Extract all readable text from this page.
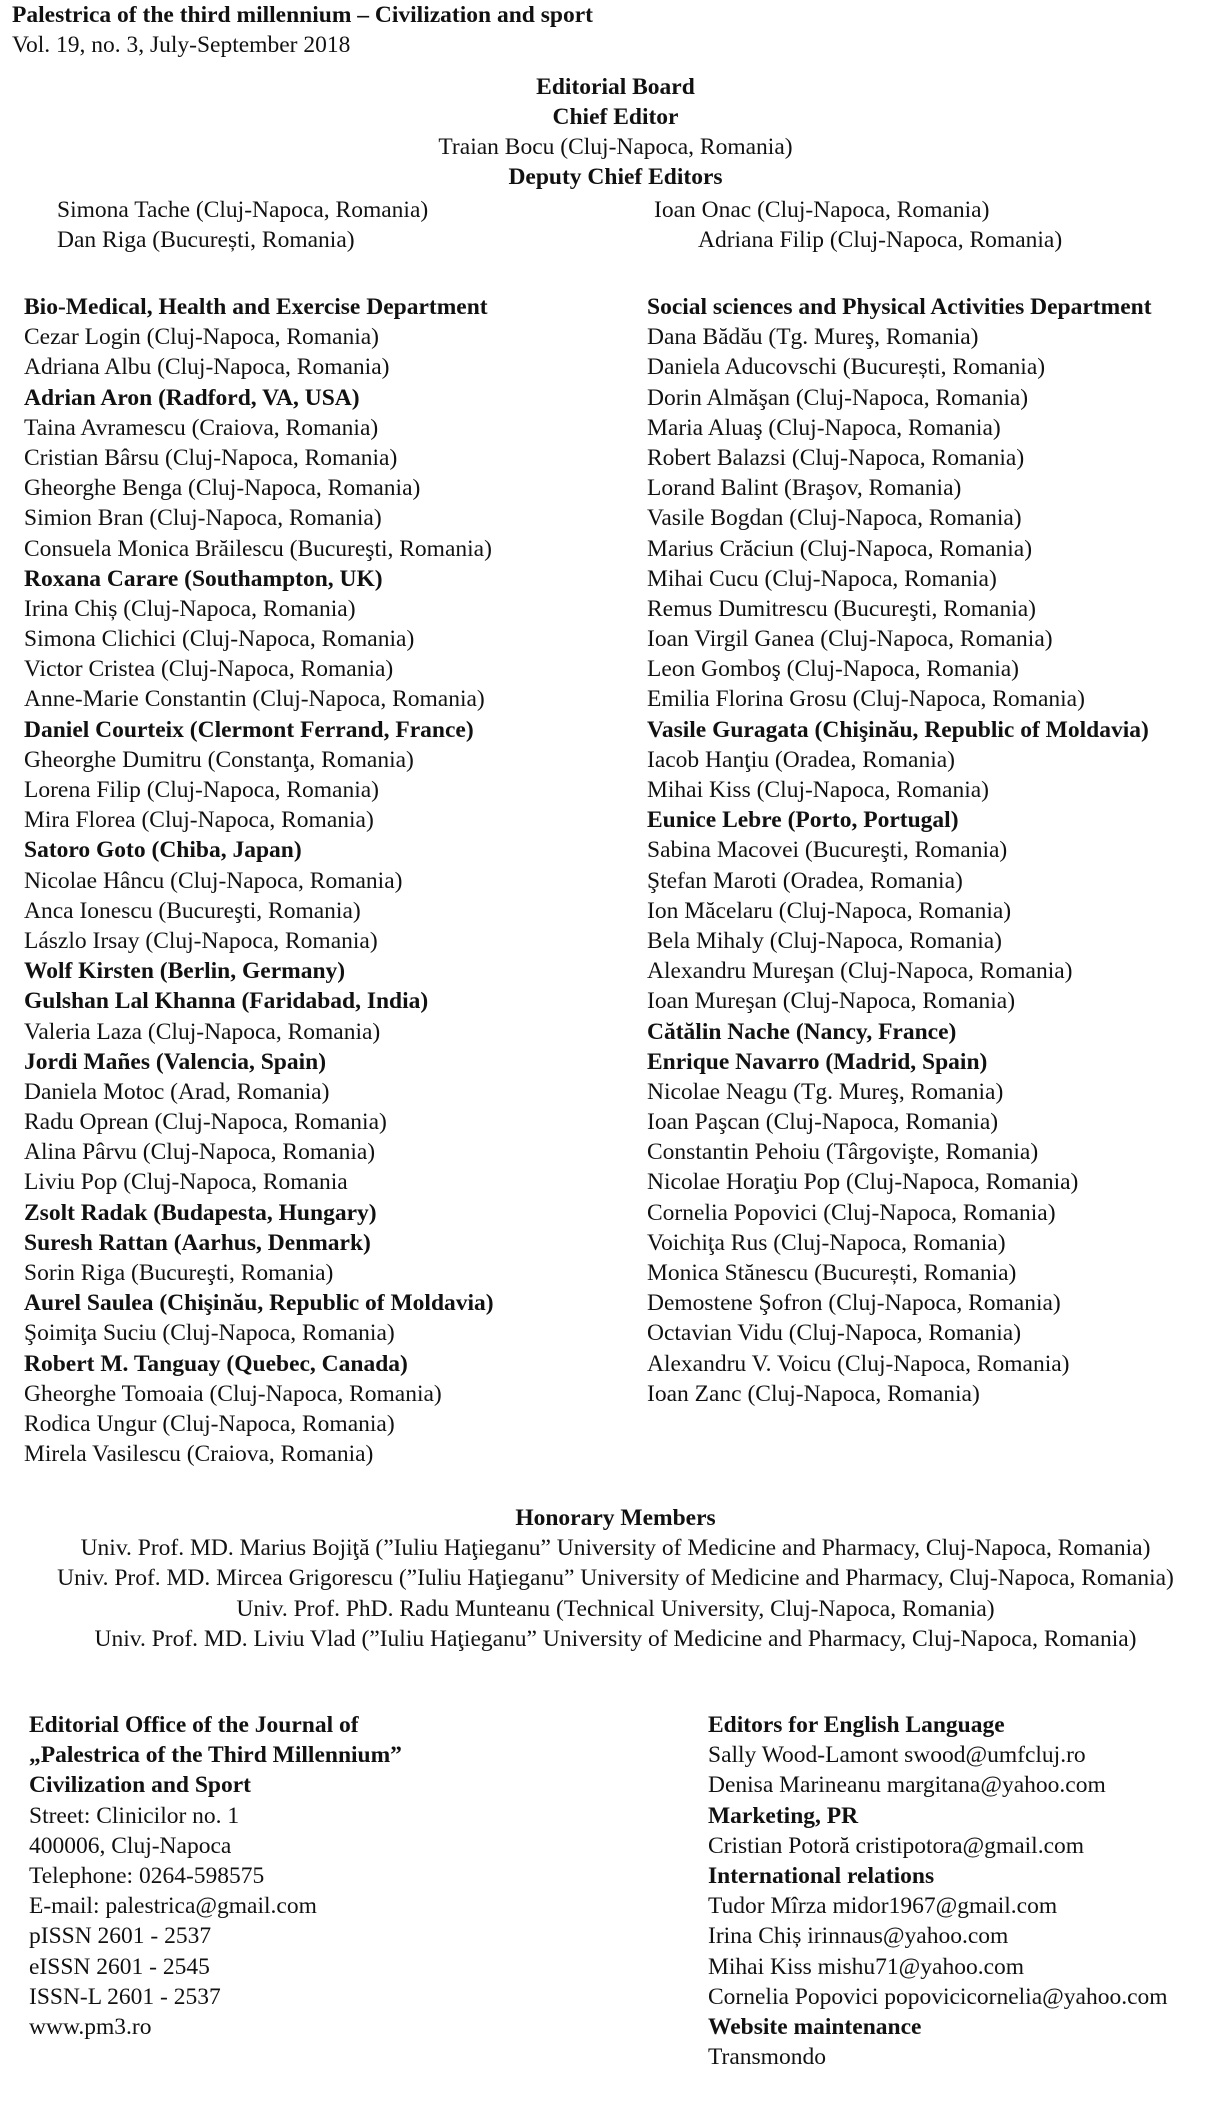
Palestrica of the third millennium – Civilization and sport
Vol. 19, no. 3, July-September 2018
Editorial Board
Chief Editor
Traian Bocu (Cluj-Napoca, Romania)
Deputy Chief Editors
Simona Tache (Cluj-Napoca, Romania)	Ioan Onac (Cluj-Napoca, Romania)
Dan Riga (București, Romania)	Adriana Filip (Cluj-Napoca, Romania)
Bio-Medical, Health and Exercise Department
Cezar Login (Cluj-Napoca, Romania)
Adriana Albu (Cluj-Napoca, Romania)
Adrian Aron (Radford, VA, USA)
Taina Avramescu (Craiova, Romania)
Cristian Bârsu (Cluj-Napoca, Romania)
Gheorghe Benga (Cluj-Napoca, Romania)
Simion Bran (Cluj-Napoca, Romania)
Consuela Monica Brăilescu (Bucureşti, Romania)
Roxana Carare (Southampton, UK)
Irina Chiș (Cluj-Napoca, Romania)
Simona Clichici (Cluj-Napoca, Romania)
Victor Cristea (Cluj-Napoca, Romania)
Anne-Marie Constantin (Cluj-Napoca, Romania)
Daniel Courteix (Clermont Ferrand, France)
Gheorghe Dumitru (Constanţa, Romania)
Lorena Filip (Cluj-Napoca, Romania)
Mira Florea (Cluj-Napoca, Romania)
Satoro Goto (Chiba, Japan)
Nicolae Hâncu (Cluj-Napoca, Romania)
Anca Ionescu (Bucureşti, Romania)
Lászlo Irsay (Cluj-Napoca, Romania)
Wolf Kirsten (Berlin, Germany)
Gulshan Lal Khanna (Faridabad, India)
Valeria Laza (Cluj-Napoca, Romania)
Jordi Mañes (Valencia, Spain)
Daniela Motoc (Arad, Romania)
Radu Oprean (Cluj-Napoca, Romania)
Alina Pârvu (Cluj-Napoca, Romania)
Liviu Pop (Cluj-Napoca, Romania
Zsolt Radak (Budapesta, Hungary)
Suresh Rattan (Aarhus, Denmark)
Sorin Riga (Bucureşti, Romania)
Aurel Saulea (Chişinău, Republic of Moldavia)
Şoimiţa Suciu (Cluj-Napoca, Romania)
Robert M. Tanguay (Quebec, Canada)
Gheorghe Tomoaia (Cluj-Napoca, Romania)
Rodica Ungur (Cluj-Napoca, Romania)
Mirela Vasilescu (Craiova, Romania)
Social sciences and Physical Activities Department
Dana Bădău (Tg. Mureş, Romania)
Daniela Aducovschi (București, Romania)
Dorin Almăşan (Cluj-Napoca, Romania)
Maria Aluaş (Cluj-Napoca, Romania)
Robert Balazsi (Cluj-Napoca, Romania)
Lorand Balint (Braşov, Romania)
Vasile Bogdan (Cluj-Napoca, Romania)
Marius Crăciun (Cluj-Napoca, Romania)
Mihai Cucu (Cluj-Napoca, Romania)
Remus Dumitrescu (Bucureşti, Romania)
Ioan Virgil Ganea (Cluj-Napoca, Romania)
Leon Gomboş (Cluj-Napoca, Romania)
Emilia Florina Grosu (Cluj-Napoca, Romania)
Vasile Guragata (Chişinău, Republic of Moldavia)
Iacob Hanţiu (Oradea, Romania)
Mihai Kiss (Cluj-Napoca, Romania)
Eunice Lebre (Porto, Portugal)
Sabina Macovei (Bucureşti, Romania)
Ştefan Maroti (Oradea, Romania)
Ion Măcelaru (Cluj-Napoca, Romania)
Bela Mihaly (Cluj-Napoca, Romania)
Alexandru Mureşan (Cluj-Napoca, Romania)
Ioan Mureşan (Cluj-Napoca, Romania)
Cătălin Nache (Nancy, France)
Enrique Navarro (Madrid, Spain)
Nicolae Neagu (Tg. Mureş, Romania)
Ioan Paşcan (Cluj-Napoca, Romania)
Constantin Pehoiu (Târgovişte, Romania)
Nicolae Horaţiu Pop (Cluj-Napoca, Romania)
Cornelia Popovici (Cluj-Napoca, Romania)
Voichiţa Rus (Cluj-Napoca, Romania)
Monica Stănescu (București, Romania)
Demostene Şofron (Cluj-Napoca, Romania)
Octavian Vidu (Cluj-Napoca, Romania)
Alexandru V. Voicu (Cluj-Napoca, Romania)
Ioan Zanc (Cluj-Napoca, Romania)
Honorary Members
Univ. Prof. MD. Marius Bojiţă (”Iuliu Haţieganu” University of Medicine and Pharmacy, Cluj-Napoca, Romania)
Univ. Prof. MD. Mircea Grigorescu (”Iuliu Haţieganu” University of Medicine and Pharmacy, Cluj-Napoca, Romania)
Univ. Prof. PhD. Radu Munteanu (Technical University, Cluj-Napoca, Romania)
Univ. Prof. MD. Liviu Vlad (”Iuliu Haţieganu” University of Medicine and Pharmacy, Cluj-Napoca, Romania)
Editorial Office of the Journal of
„Palestrica of the Third Millennium”
Civilization and Sport
Street: Clinicilor no. 1
400006, Cluj-Napoca
Telephone: 0264-598575
E-mail: palestrica@gmail.com
pISSN 2601 - 2537
eISSN 2601 - 2545
ISSN-L 2601 - 2537
www.pm3.ro
Editors for English Language
Sally Wood-Lamont swood@umfcluj.ro
Denisa Marineanu margitana@yahoo.com
Marketing, PR
Cristian Potoră cristipotora@gmail.com
International relations
Tudor Mîrza midor1967@gmail.com
Irina Chiș irinnaus@yahoo.com
Mihai Kiss mishu71@yahoo.com
Cornelia Popovici popovicicornelia@yahoo.com
Website maintenance
Transmondo
